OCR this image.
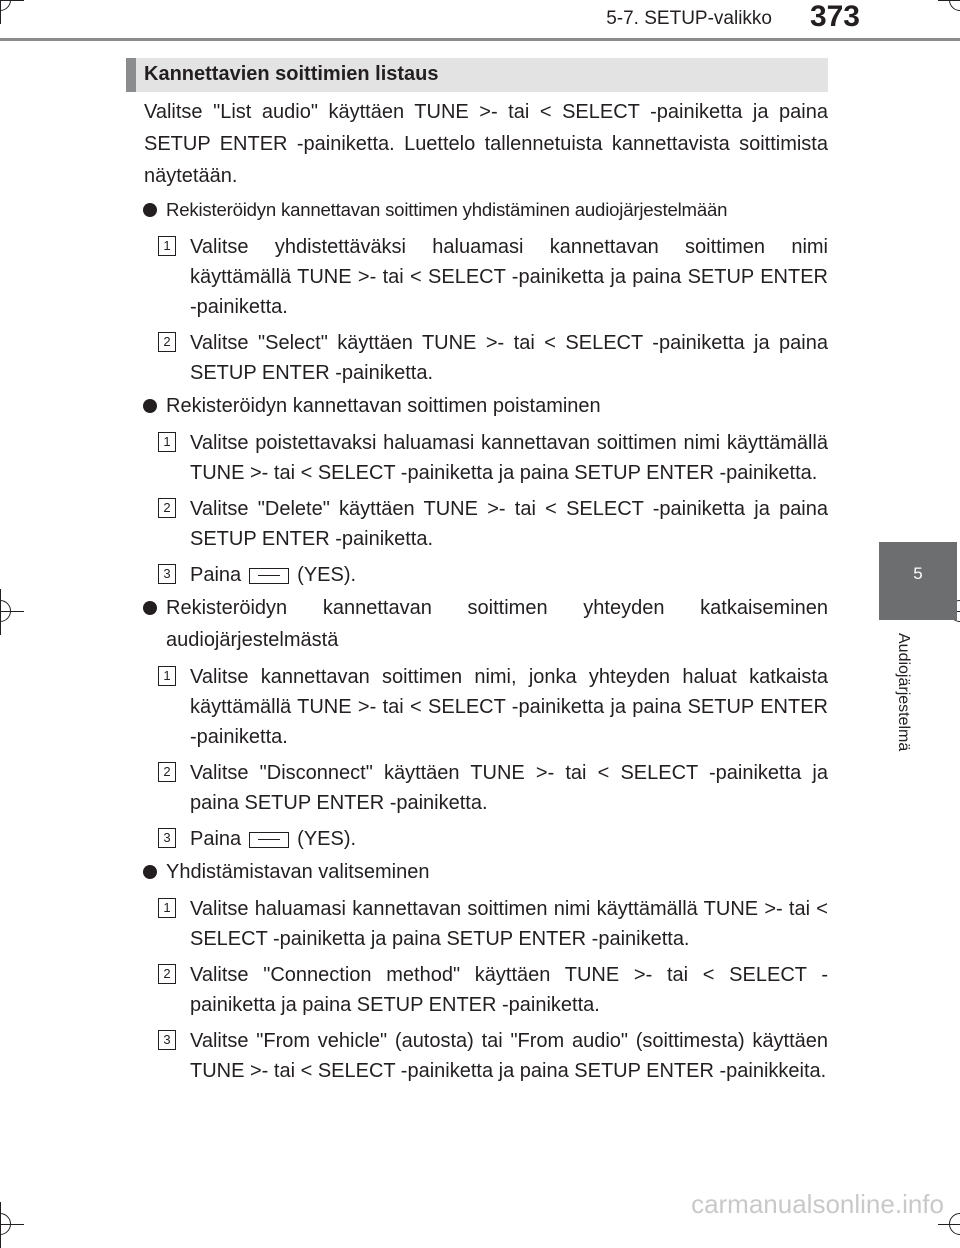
5-7. SETUP-valikko 373
5
Audiojärjestelmä
Kannettavien soittimien listaus
Valitse "List audio" käyttäen TUNE >- tai < SELECT -painiketta ja paina SETUP ENTER -painiketta. Luettelo tallennetuista kannettavista soittimista näytetään.
Rekisteröidyn kannettavan soittimen yhdistäminen audiojärjestelmään
1 Valitse yhdistettäväksi haluamasi kannettavan soittimen nimi käyttämällä TUNE >- tai < SELECT -painiketta ja paina SETUP ENTER -painiketta.
2 Valitse "Select" käyttäen TUNE >- tai < SELECT -painiketta ja paina SETUP ENTER -painiketta.
Rekisteröidyn kannettavan soittimen poistaminen
1 Valitse poistettavaksi haluamasi kannettavan soittimen nimi käyttämällä TUNE >- tai < SELECT -painiketta ja paina SETUP ENTER -painiketta.
2 Valitse "Delete" käyttäen TUNE >- tai < SELECT -painiketta ja paina SETUP ENTER -painiketta.
3 Paina	(YES).
Rekisteröidyn kannettavan soittimen yhteyden katkaiseminen audiojärjestelmästä
1 Valitse kannettavan soittimen nimi, jonka yhteyden haluat katkaista käyttämällä TUNE >- tai < SELECT -painiketta ja paina SETUP ENTER -painiketta.
2 Valitse "Disconnect" käyttäen TUNE >- tai < SELECT -painiketta ja paina SETUP ENTER -painiketta.
3 Paina	(YES).
Yhdistämistavan valitseminen
1 Valitse haluamasi kannettavan soittimen nimi käyttämällä TUNE >- tai < SELECT -painiketta ja paina SETUP ENTER -painiketta.
2 Valitse "Connection method" käyttäen TUNE >- tai < SELECT -painiketta ja paina SETUP ENTER -painiketta.
3 Valitse "From vehicle" (autosta) tai "From audio" (soittimesta) käyttäen TUNE >- tai < SELECT -painiketta ja paina SETUP ENTER -painikkeita.
carmanualsonline.info
